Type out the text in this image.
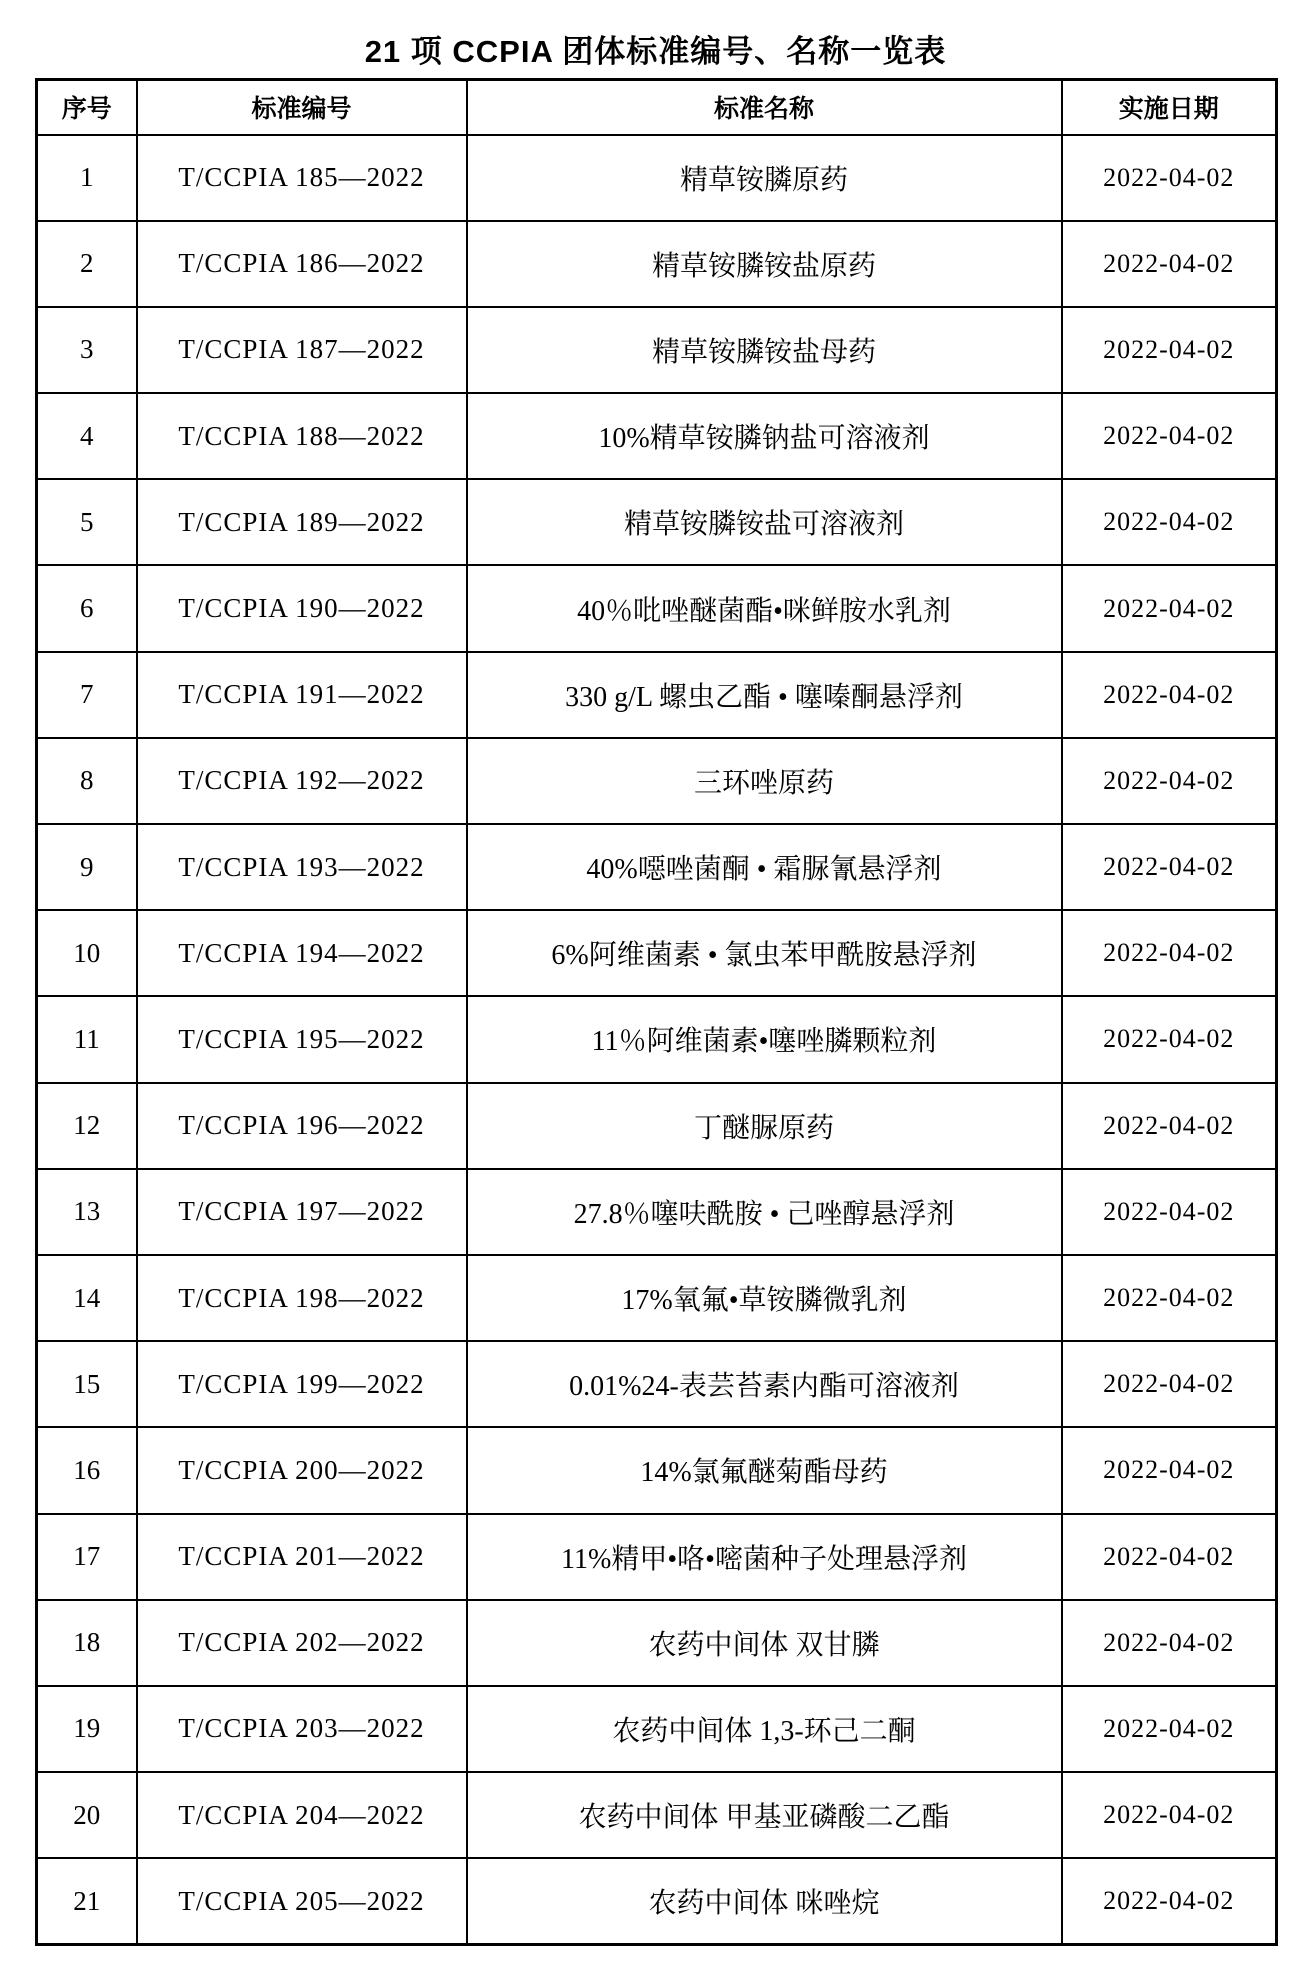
21 项 CCPIA 团体标准编号、名称一览表
序号	标准编号	标准名称	实施日期
1	T/CCPIA 185—2022	精草铵膦原药	2022-04-02
2	T/CCPIA 186—2022	精草铵膦铵盐原药	2022-04-02
3	T/CCPIA 187—2022	精草铵膦铵盐母药	2022-04-02
4	T/CCPIA 188—2022	10%精草铵膦钠盐可溶液剂	2022-04-02
5	T/CCPIA 189—2022	精草铵膦铵盐可溶液剂	2022-04-02
6	T/CCPIA 190—2022	40％吡唑醚菌酯•咪鲜胺水乳剂	2022-04-02
7	T/CCPIA 191—2022	330 g/L 螺虫乙酯 • 噻嗪酮悬浮剂	2022-04-02
8	T/CCPIA 192—2022	三环唑原药	2022-04-02
9	T/CCPIA 193—2022	40%噁唑菌酮 • 霜脲氰悬浮剂	2022-04-02
10	T/CCPIA 194—2022	6%阿维菌素 • 氯虫苯甲酰胺悬浮剂	2022-04-02
11	T/CCPIA 195—2022	11％阿维菌素•噻唑膦颗粒剂	2022-04-02
12	T/CCPIA 196—2022	丁醚脲原药	2022-04-02
13	T/CCPIA 197—2022	27.8％噻呋酰胺 • 己唑醇悬浮剂	2022-04-02
14	T/CCPIA 198—2022	17%氧氟•草铵膦微乳剂	2022-04-02
15	T/CCPIA 199—2022	0.01%24-表芸苔素内酯可溶液剂	2022-04-02
16	T/CCPIA 200—2022	14%氯氟醚菊酯母药	2022-04-02
17	T/CCPIA 201—2022	11%精甲•咯•嘧菌种子处理悬浮剂	2022-04-02
18	T/CCPIA 202—2022	农药中间体 双甘膦	2022-04-02
19	T/CCPIA 203—2022	农药中间体 1,3-环己二酮	2022-04-02
20	T/CCPIA 204—2022	农药中间体 甲基亚磷酸二乙酯	2022-04-02
21	T/CCPIA 205—2022	农药中间体 咪唑烷	2022-04-02
